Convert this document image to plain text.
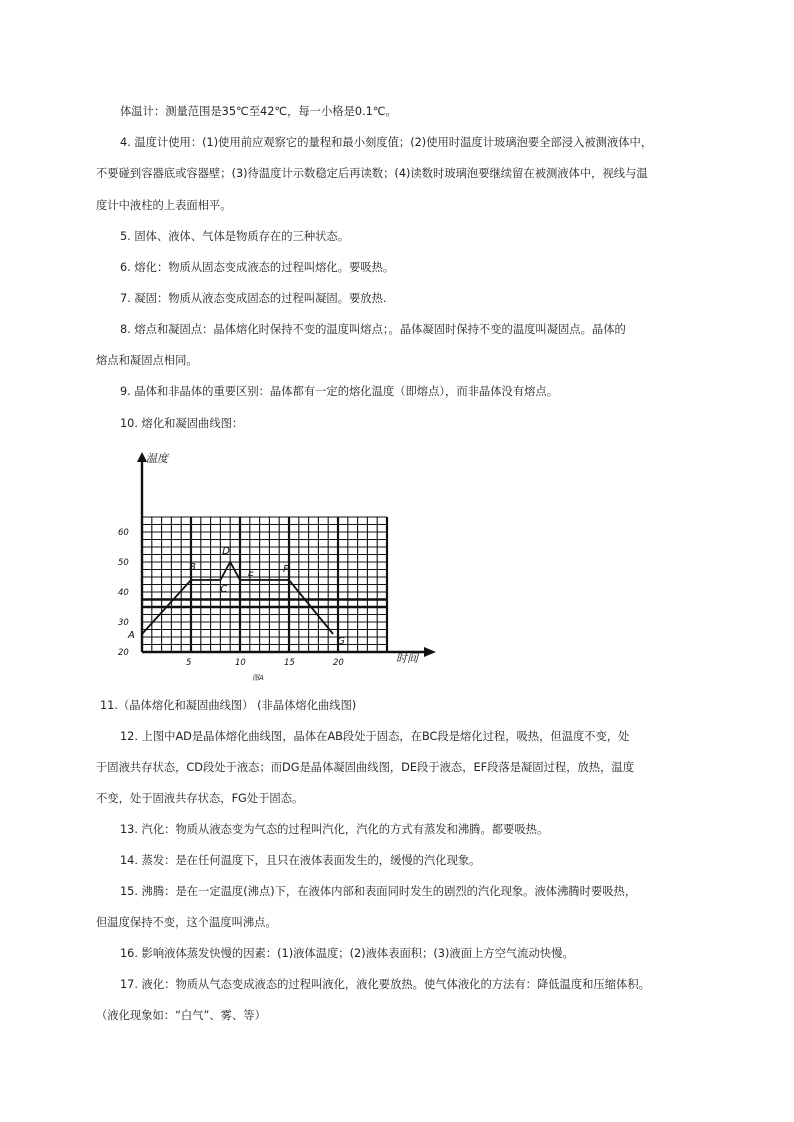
体温计：测量范围是35℃至42℃，每一小格是0.1℃。
4. 温度计使用：(1)使用前应观察它的量程和最小刻度值；(2)使用时温度计玻璃泡要全部浸入被测液体中，
不要碰到容器底或容器壁；(3)待温度计示数稳定后再读数；(4)读数时玻璃泡要继续留在被测液体中，视线与温
度计中液柱的上表面相平。
5. 固体、液体、气体是物质存在的三种状态。
6. 熔化：物质从固态变成液态的过程叫熔化。要吸热。
7. 凝固：物质从液态变成固态的过程叫凝固。要放热.
8. 熔点和凝固点：晶体熔化时保持不变的温度叫熔点；。晶体凝固时保持不变的温度叫凝固点。晶体的
熔点和凝固点相同。
9. 晶体和非晶体的重要区别：晶体都有一定的熔化温度（即熔点），而非晶体没有熔点。
10. 熔化和凝固曲线图：
20
30
40
50
60
5	10	15	20
A
B
C
D
E	F
G
温度
时间
图A
11.（晶体熔化和凝固曲线图） (非晶体熔化曲线图)
12. 上图中AD是晶体熔化曲线图，晶体在AB段处于固态，在BC段是熔化过程，吸热，但温度不变，处
于固液共存状态，CD段处于液态；而DG是晶体凝固曲线图，DE段于液态，EF段落是凝固过程，放热，温度
不变，处于固液共存状态，FG处于固态。
13. 汽化：物质从液态变为气态的过程叫汽化，汽化的方式有蒸发和沸腾。都要吸热。
14. 蒸发：是在任何温度下，且只在液体表面发生的，缓慢的汽化现象。
15. 沸腾：是在一定温度(沸点)下，在液体内部和表面同时发生的剧烈的汽化现象。液体沸腾时要吸热，
但温度保持不变，这个温度叫沸点。
16. 影响液体蒸发快慢的因素：(1)液体温度；(2)液体表面积；(3)液面上方空气流动快慢。
17. 液化：物质从气态变成液态的过程叫液化，液化要放热。使气体液化的方法有：降低温度和压缩体积。
（液化现象如：“白气”、雾、等）
